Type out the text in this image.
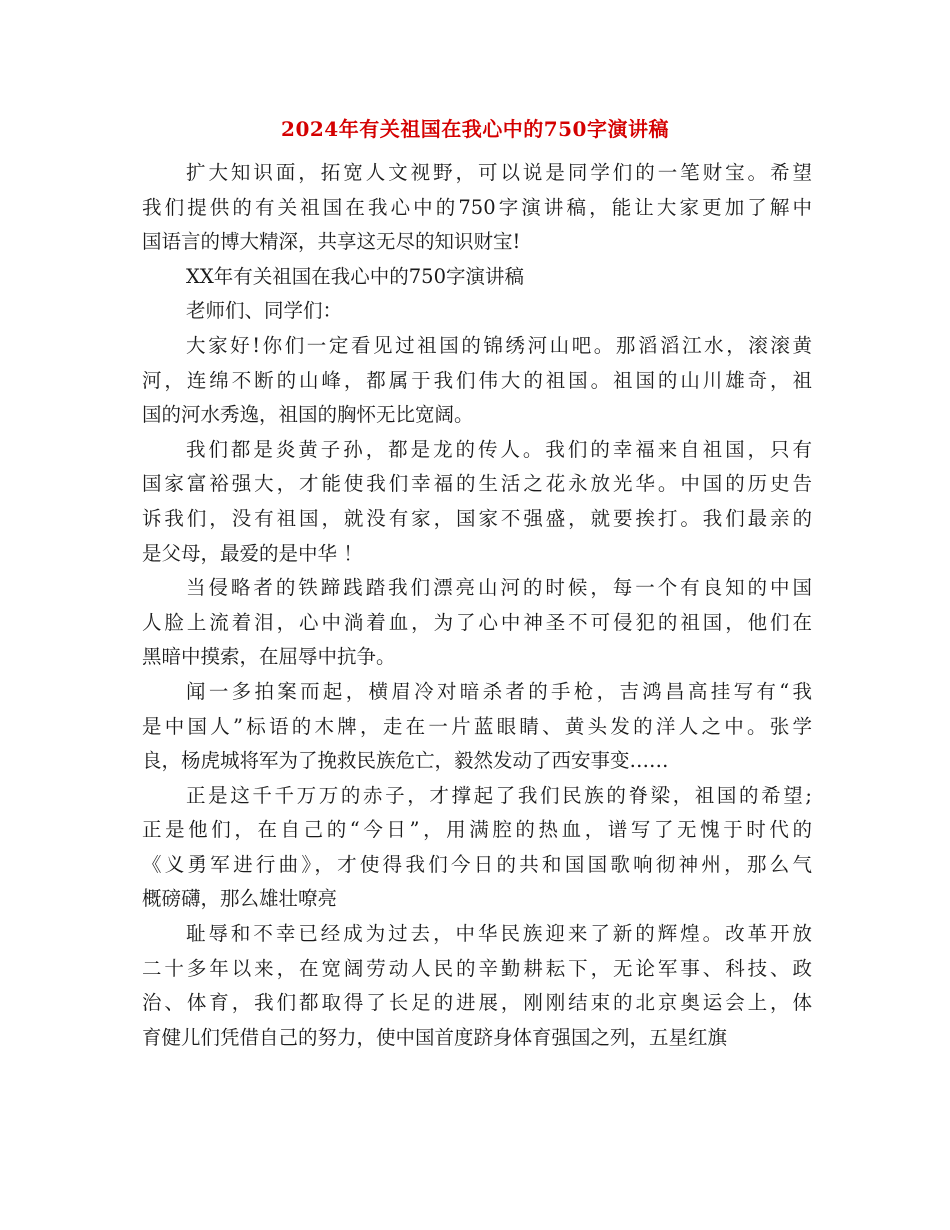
2024年有关祖国在我心中的750字演讲稿
扩大知识面，拓宽人文视野，可以说是同学们的一笔财宝。希望
我们提供的有关祖国在我心中的750字演讲稿，能让大家更加了解中
国语言的博大精深，共享这无尽的知识财宝!
XX年有关祖国在我心中的750字演讲稿
老师们、同学们：
大家好!你们一定看见过祖国的锦绣河山吧。那滔滔江水，滚滚黄
河，连绵不断的山峰，都属于我们伟大的祖国。祖国的山川雄奇，祖
国的河水秀逸，祖国的胸怀无比宽阔。
我们都是炎黄子孙，都是龙的传人。我们的幸福来自祖国，只有
国家富裕强大，才能使我们幸福的生活之花永放光华。中国的历史告
诉我们，没有祖国，就没有家，国家不强盛，就要挨打。我们最亲的
是父母，最爱的是中华 ！
当侵略者的铁蹄践踏我们漂亮山河的时候，每一个有良知的中国
人脸上流着泪，心中淌着血，为了心中神圣不可侵犯的祖国，他们在
黑暗中摸索，在屈辱中抗争。
闻一多拍案而起，横眉冷对暗杀者的手枪，吉鸿昌高挂写有“我
是中国人”标语的木牌，走在一片蓝眼睛、黄头发的洋人之中。张学
良，杨虎城将军为了挽救民族危亡，毅然发动了西安事变……
正是这千千万万的赤子，才撑起了我们民族的脊梁，祖国的希望;
正是他们，在自己的“今日”，用满腔的热血，谱写了无愧于时代的
《义勇军进行曲》，才使得我们今日的共和国国歌响彻神州，那么气
概磅礴，那么雄壮嘹亮
耻辱和不幸已经成为过去，中华民族迎来了新的辉煌。改革开放
二十多年以来，在宽阔劳动人民的辛勤耕耘下，无论军事、科技、政
治、体育，我们都取得了长足的进展，刚刚结束的北京奥运会上，体
育健儿们凭借自己的努力，使中国首度跻身体育强国之列，五星红旗
